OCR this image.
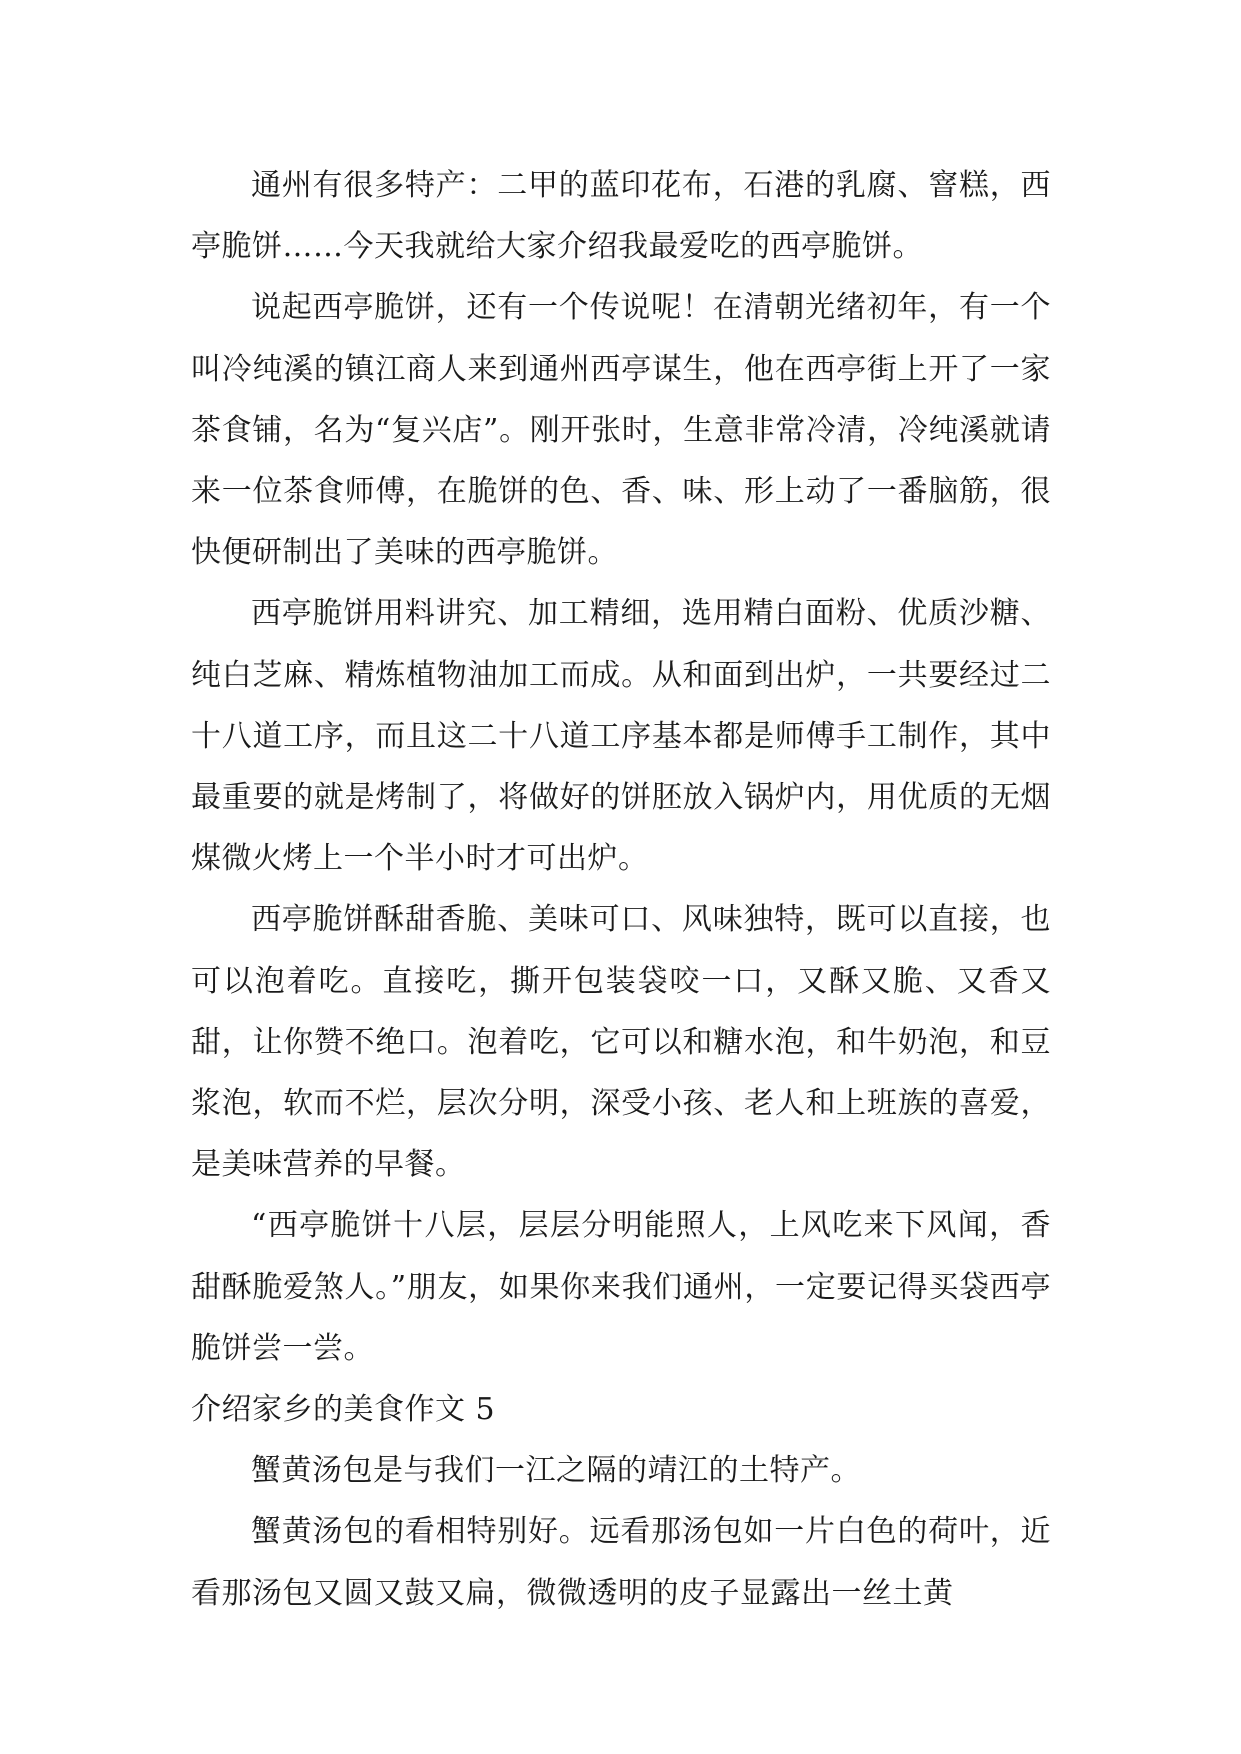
通州有很多特产：二甲的蓝印花布，石港的乳腐、窨糕，西亭脆饼……今天我就给大家介绍我最爱吃的西亭脆饼。

说起西亭脆饼，还有一个传说呢！在清朝光绪初年，有一个叫冷纯溪的镇江商人来到通州西亭谋生，他在西亭街上开了一家茶食铺，名为“复兴店”。刚开张时，生意非常冷清，冷纯溪就请来一位茶食师傅，在脆饼的色、香、味、形上动了一番脑筋，很快便研制出了美味的西亭脆饼。

西亭脆饼用料讲究、加工精细，选用精白面粉、优质沙糖、纯白芝麻、精炼植物油加工而成。从和面到出炉，一共要经过二十八道工序，而且这二十八道工序基本都是师傅手工制作，其中最重要的就是烤制了，将做好的饼胚放入锅炉内，用优质的无烟煤微火烤上一个半小时才可出炉。

西亭脆饼酥甜香脆、美味可口、风味独特，既可以直接，也可以泡着吃。直接吃，撕开包装袋咬一口，又酥又脆、又香又甜，让你赞不绝口。泡着吃，它可以和糖水泡，和牛奶泡，和豆浆泡，软而不烂，层次分明，深受小孩、老人和上班族的喜爱，是美味营养的早餐。

“西亭脆饼十八层，层层分明能照人，上风吃来下风闻，香甜酥脆爱煞人。”朋友，如果你来我们通州，一定要记得买袋西亭脆饼尝一尝。

介绍家乡的美食作文 5

蟹黄汤包是与我们一江之隔的靖江的土特产。

蟹黄汤包的看相特别好。远看那汤包如一片白色的荷叶，近看那汤包又圆又鼓又扁，微微透明的皮子显露出一丝土黄
